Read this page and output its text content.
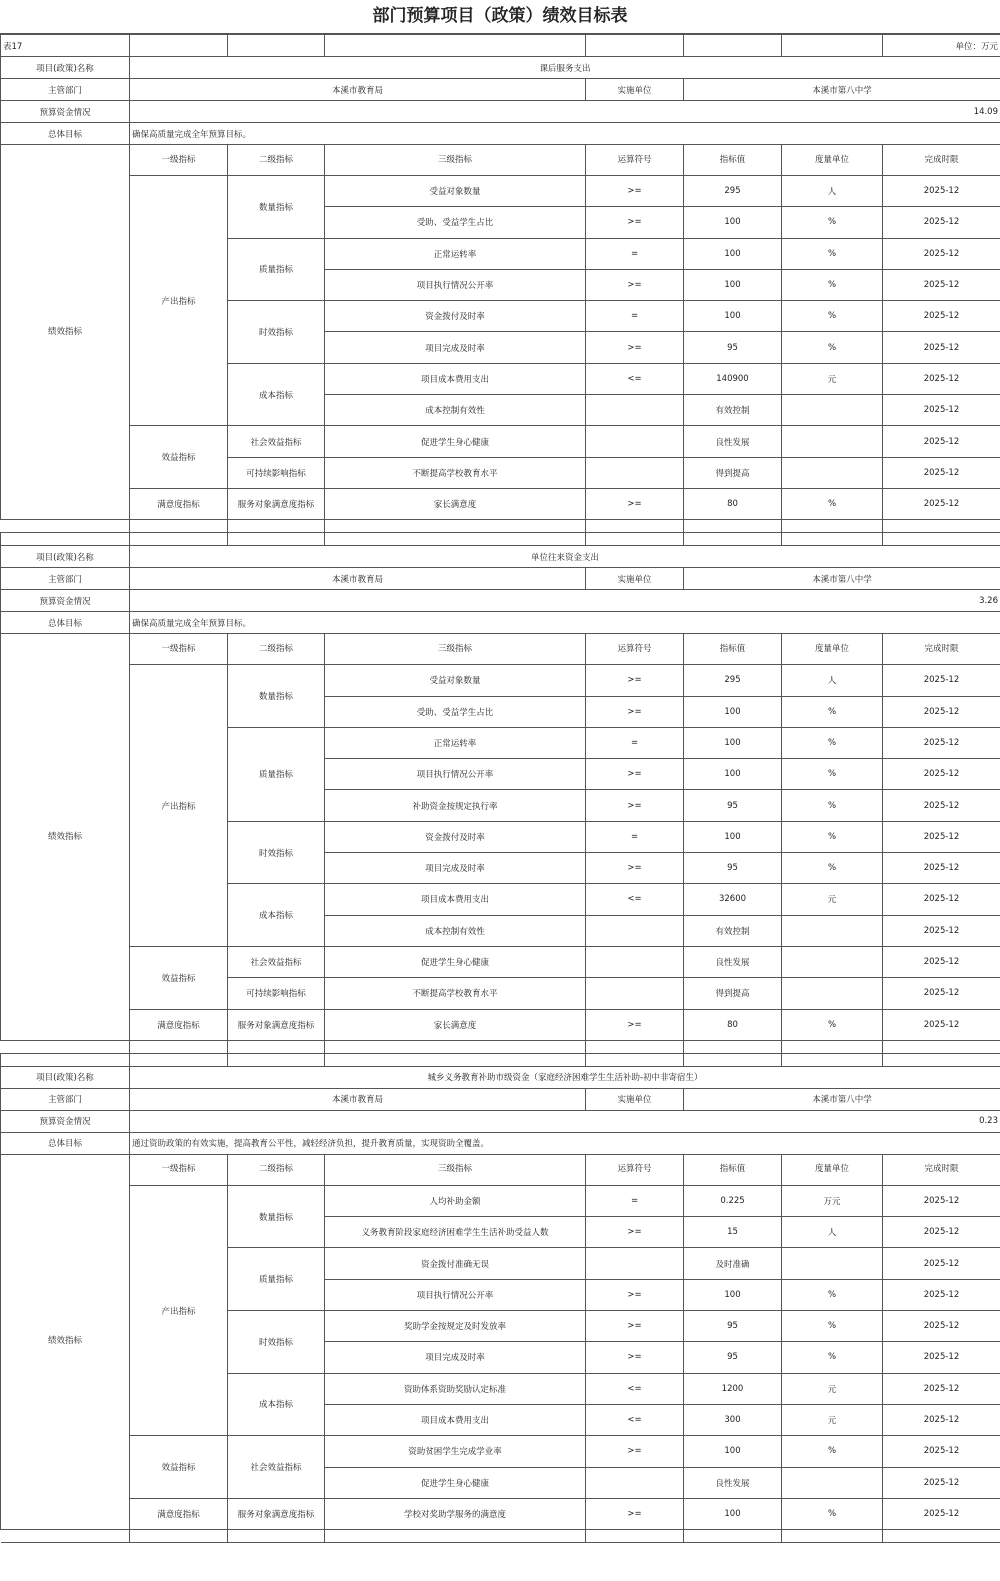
部门预算项目（政策）绩效目标表
表17							单位：万元
项目(政策)名称	课后服务支出						
主管部门	本溪市教育局			实施单位	本溪市第八中学		
预算资金情况	14.09						
总体目标	确保高质量完成全年预算目标。						
绩效指标	一级指标	二级指标	三级指标	运算符号	指标值	度量单位	完成时限
	产出指标	数量指标	受益对象数量	>=	295	人	2025-12
			受助、受益学生占比	>=	100	%	2025-12
		质量指标	正常运转率	=	100	%	2025-12
			项目执行情况公开率	>=	100	%	2025-12
		时效指标	资金拨付及时率	=	100	%	2025-12
			项目完成及时率	>=	95	%	2025-12
		成本指标	项目成本费用支出	<=	140900	元	2025-12
			成本控制有效性		有效控制		2025-12
	效益指标	社会效益指标	促进学生身心健康		良性发展		2025-12
		可持续影响指标	不断提高学校教育水平		得到提高		2025-12
	满意度指标	服务对象满意度指标	家长满意度	>=	80	%	2025-12

项目(政策)名称	单位往来资金支出						
主管部门	本溪市教育局			实施单位	本溪市第八中学		
预算资金情况	3.26						
总体目标	确保高质量完成全年预算目标。						
绩效指标	一级指标	二级指标	三级指标	运算符号	指标值	度量单位	完成时限
	产出指标	数量指标	受益对象数量	>=	295	人	2025-12
			受助、受益学生占比	>=	100	%	2025-12
		质量指标	正常运转率	=	100	%	2025-12
			项目执行情况公开率	>=	100	%	2025-12
			补助资金按规定执行率	>=	95	%	2025-12
		时效指标	资金拨付及时率	=	100	%	2025-12
			项目完成及时率	>=	95	%	2025-12
		成本指标	项目成本费用支出	<=	32600	元	2025-12
			成本控制有效性		有效控制		2025-12
	效益指标	社会效益指标	促进学生身心健康		良性发展		2025-12
		可持续影响指标	不断提高学校教育水平		得到提高		2025-12
	满意度指标	服务对象满意度指标	家长满意度	>=	80	%	2025-12

项目(政策)名称	城乡义务教育补助市级资金（家庭经济困难学生生活补助-初中非寄宿生）						
主管部门	本溪市教育局			实施单位	本溪市第八中学		
预算资金情况	0.23						
总体目标	通过资助政策的有效实施，提高教育公平性，减轻经济负担，提升教育质量，实现资助全覆盖。						
绩效指标	一级指标	二级指标	三级指标	运算符号	指标值	度量单位	完成时限
	产出指标	数量指标	人均补助金额	=	0.225	万元	2025-12
			义务教育阶段家庭经济困难学生生活补助受益人数	>=	15	人	2025-12
		质量指标	资金拨付准确无误		及时准确		2025-12
			项目执行情况公开率	>=	100	%	2025-12
		时效指标	奖助学金按规定及时发放率	>=	95	%	2025-12
			项目完成及时率	>=	95	%	2025-12
		成本指标	资助体系资助奖励认定标准	<=	1200	元	2025-12
			项目成本费用支出	<=	300	元	2025-12
	效益指标	社会效益指标	资助贫困学生完成学业率	>=	100	%	2025-12
			促进学生身心健康		良性发展		2025-12
	满意度指标	服务对象满意度指标	学校对奖助学服务的满意度	>=	100	%	2025-12
